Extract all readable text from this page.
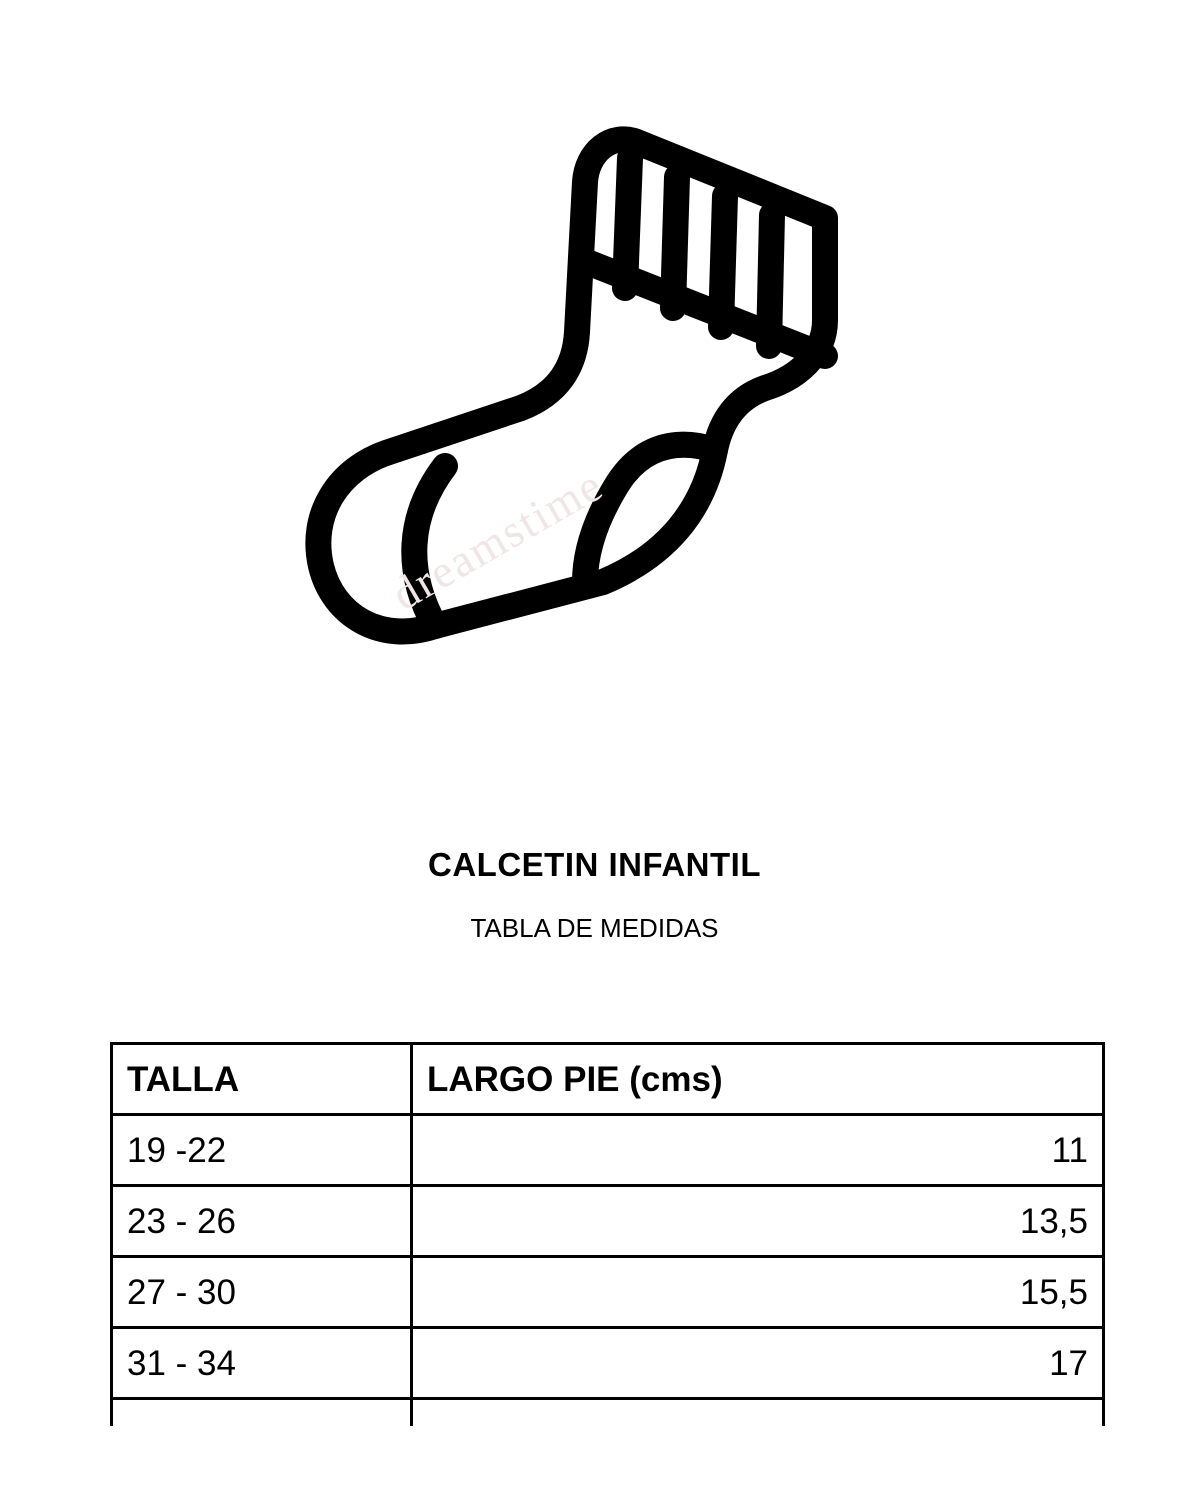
dreamstime
CALCETIN INFANTIL

TABLA DE MEDIDAS

TALLA	LARGO PIE (cms)
19 -22	11
23 - 26	13,5
27 - 30	15,5
31 - 34	17
